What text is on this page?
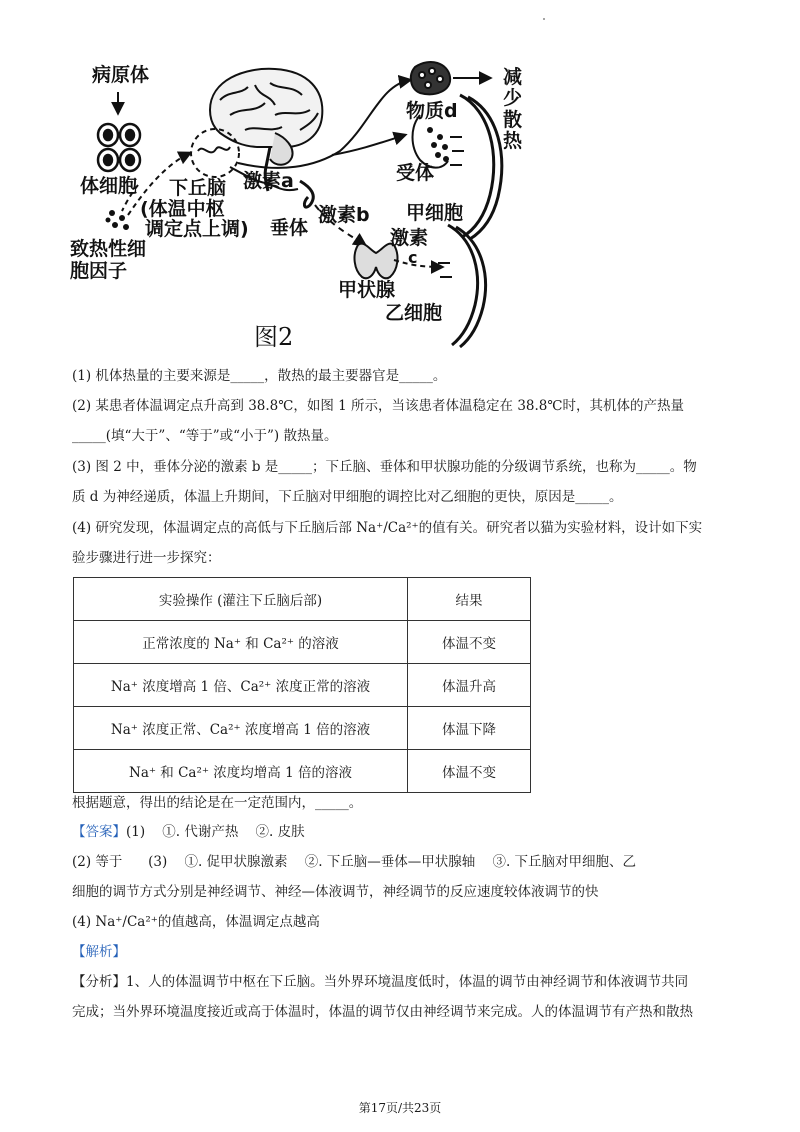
病原体
体细胞
致热性细
胞因子
下丘脑
(体温中枢
调定点上调)
激素a
垂体
激素b
甲状腺
激素
c
物质d
受体
甲细胞
乙细胞
减少散热
图2
(1) 机体热量的主要来源是_____，散热的最主要器官是_____。
(2) 某患者体温调定点升高到 38.8℃，如图 1 所示，当该患者体温稳定在 38.8℃时，其机体的产热量
_____(填“大于”、“等于”或“小于”) 散热量。
(3) 图 2 中，垂体分泌的激素 b 是_____；下丘脑、垂体和甲状腺功能的分级调节系统，也称为_____。物
质 d 为神经递质，体温上升期间，下丘脑对甲细胞的调控比对乙细胞的更快，原因是_____。
(4) 研究发现，体温调定点的高低与下丘脑后部 Na⁺/Ca²⁺的值有关。研究者以猫为实验材料，设计如下实
验步骤进行进一步探究：
实验操作 (灌注下丘脑后部)	结果
正常浓度的 Na⁺ 和 Ca²⁺ 的溶液	体温不变
Na⁺ 浓度增高 1 倍、Ca²⁺ 浓度正常的溶液	体温升高
Na⁺ 浓度正常、Ca²⁺ 浓度增高 1 倍的溶液	体温下降
Na⁺ 和 Ca²⁺ 浓度均增高 1 倍的溶液	体温不变
根据题意，得出的结论是在一定范围内，_____。
【答案】(1)    ①. 代谢产热    ②. 皮肤
(2) 等于      (3)    ①. 促甲状腺激素    ②. 下丘脑—垂体—甲状腺轴    ③. 下丘脑对甲细胞、乙
细胞的调节方式分别是神经调节、神经—体液调节，神经调节的反应速度较体液调节的快
(4) Na⁺/Ca²⁺的值越高，体温调定点越高
【解析】
【分析】1、人的体温调节中枢在下丘脑。当外界环境温度低时，体温的调节由神经调节和体液调节共同
完成；当外界环境温度接近或高于体温时，体温的调节仅由神经调节来完成。人的体温调节有产热和散热
第17页/共23页
